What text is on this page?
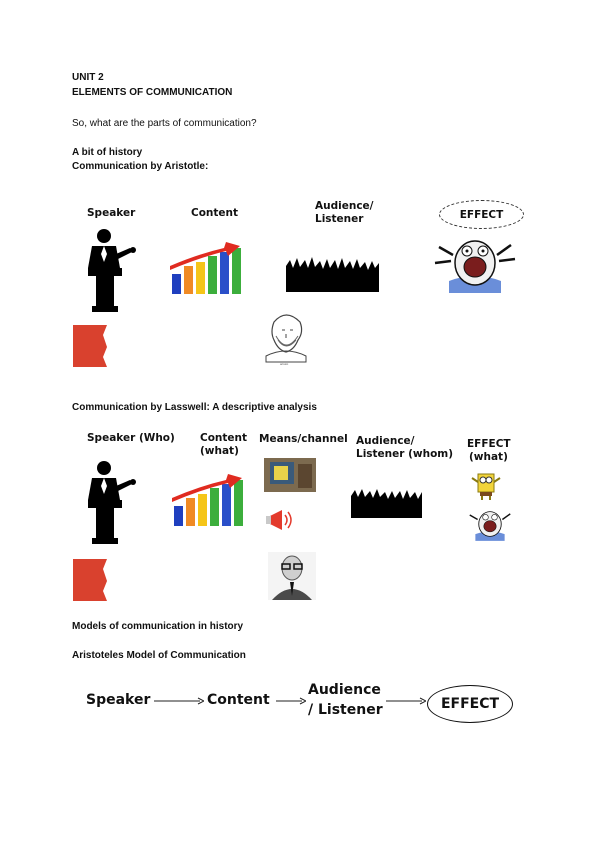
UNIT 2
ELEMENTS OF COMMUNICATION
So, what are the parts of communication?
A bit of history
Communication by Aristotle:
Speaker	Content
Audience/
Listener	EFFECT
aristot
Communication by Lasswell: A descriptive analysis
Speaker (Who) Content
(what)
Means/channel Audience/
Listener (whom)
EFFECT
(what)
Models of communication in history
Aristoteles Model of Communication
Speaker	Content
Audience
/ Listener	EFFECT
